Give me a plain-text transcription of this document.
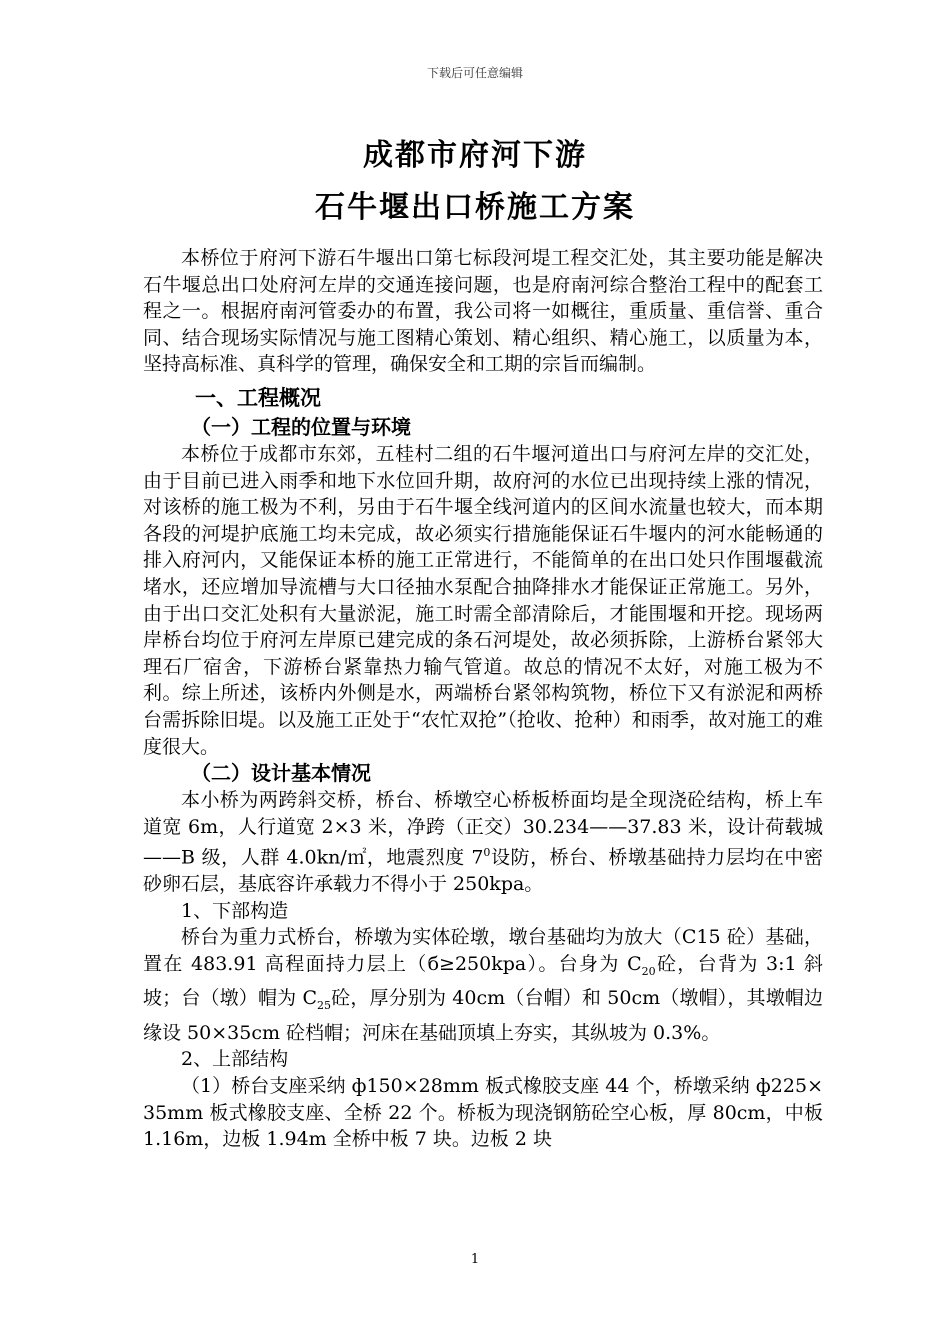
下载后可任意编辑
成都市府河下游
石牛堰出口桥施工方案

本桥位于府河下游石牛堰出口第七标段河堤工程交汇处，其主要功能是解决石牛堰总出口处府河左岸的交通连接问题，也是府南河综合整治工程中的配套工程之一。根据府南河管委办的布置，我公司将一如概往，重质量、重信誉、重合同、结合现场实际情况与施工图精心策划、精心组织、精心施工，以质量为本，坚持高标准、真科学的管理，确保安全和工期的宗旨而编制。

一、工程概况
（一）工程的位置与环境

本桥位于成都市东郊，五桂村二组的石牛堰河道出口与府河左岸的交汇处，由于目前已进入雨季和地下水位回升期，故府河的水位已出现持续上涨的情况，对该桥的施工极为不利，另由于石牛堰全线河道内的区间水流量也较大，而本期各段的河堤护底施工均未完成，故必须实行措施能保证石牛堰内的河水能畅通的排入府河内，又能保证本桥的施工正常进行，不能简单的在出口处只作围堰截流堵水，还应增加导流槽与大口径抽水泵配合抽降排水才能保证正常施工。另外，由于出口交汇处积有大量淤泥，施工时需全部清除后，才能围堰和开挖。现场两岸桥台均位于府河左岸原已建完成的条石河堤处，故必须拆除，上游桥台紧邻大理石厂宿舍，下游桥台紧靠热力输气管道。故总的情况不太好，对施工极为不利。综上所述，该桥内外侧是水，两端桥台紧邻构筑物，桥位下又有淤泥和两桥台需拆除旧堤。以及施工正处于“农忙双抢”（抢收、抢种）和雨季，故对施工的难度很大。

（二）设计基本情况

本小桥为两跨斜交桥，桥台、桥墩空心桥板桥面均是全现浇砼结构，桥上车道宽 6m，人行道宽 2×3 米，净跨（正交）30.234——37.83 米，设计荷载城——B 级，人群 4.0kn/㎡，地震烈度 $7^0$设防，桥台、桥墩基础持力层均在中密砂卵石层，基底容许承载力不得小于 250kpa。

1、下部构造

桥台为重力式桥台，桥墩为实体砼墩，墩台基础均为放大（C15 砼）基础，置在 483.91 高程面持力层上（б≥250kpa）。台身为 $C_{20}$砼，台背为 3:1 斜坡；台（墩）帽为 $C_{25}$砼，厚分别为 40cm（台帽）和 50cm（墩帽），其墩帽边缘设 50×35cm 砼档帽；河床在基础顶填上夯实，其纵坡为 0.3%。

2、上部结构

（1）桥台支座采纳 ф150×28mm 板式橡胶支座 44 个，桥墩采纳 ф225×35mm 板式橡胶支座、全桥 22 个。桥板为现浇钢筋砼空心板，厚 80cm，中板 1.16m，边板 1.94m 全桥中板 7 块。边板 2 块

1
